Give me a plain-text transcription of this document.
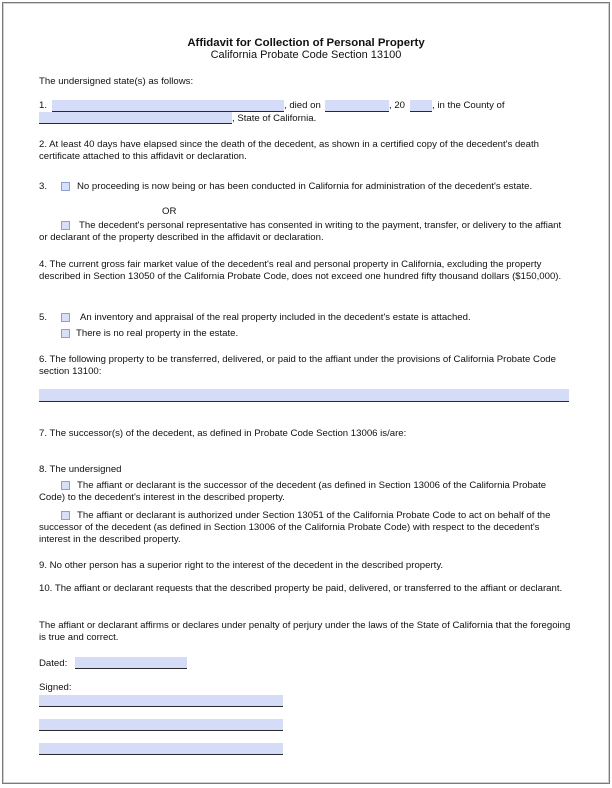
Affidavit for Collection of Personal Property
California Probate Code Section 13100
The undersigned state(s) as follows:
1.	, died on	, 20	, in the County of
, State of California.
2. At least 40 days have elapsed since the death of the decedent, as shown in a certified copy of the decedent's death certificate attached to this affidavit or declaration.
3.	No proceeding is now being or has been conducted in California for administration of the decedent's estate.
OR
The decedent's personal representative has consented in writing to the payment, transfer, or delivery to the affiant or declarant of the property described in the affidavit or declaration.
4. The current gross fair market value of the decedent's real and personal property in California, excluding the property described in Section 13050 of the California Probate Code, does not exceed one hundred fifty thousand dollars ($150,000).
5.	An inventory and appraisal of the real property included in the decedent's estate is attached.
There is no real property in the estate.
6. The following property to be transferred, delivered, or paid to the affiant under the provisions of California Probate Code section 13100:
7. The successor(s) of the decedent, as defined in Probate Code Section 13006 is/are:
8. The undersigned
The affiant or declarant is the successor of the decedent (as defined in Section 13006 of the California Probate Code) to the decedent's interest in the described property.
The affiant or declarant is authorized under Section 13051 of the California Probate Code to act on behalf of the successor of the decedent (as defined in Section 13006 of the California Probate Code) with respect to the decedent's interest in the described property.
9. No other person has a superior right to the interest of the decedent in the described property.
10. The affiant or declarant requests that the described property be paid, delivered, or transferred to the affiant or declarant.
The affiant or declarant affirms or declares under penalty of perjury under the laws of the State of California that the foregoing is true and correct.
Dated:
Signed:
